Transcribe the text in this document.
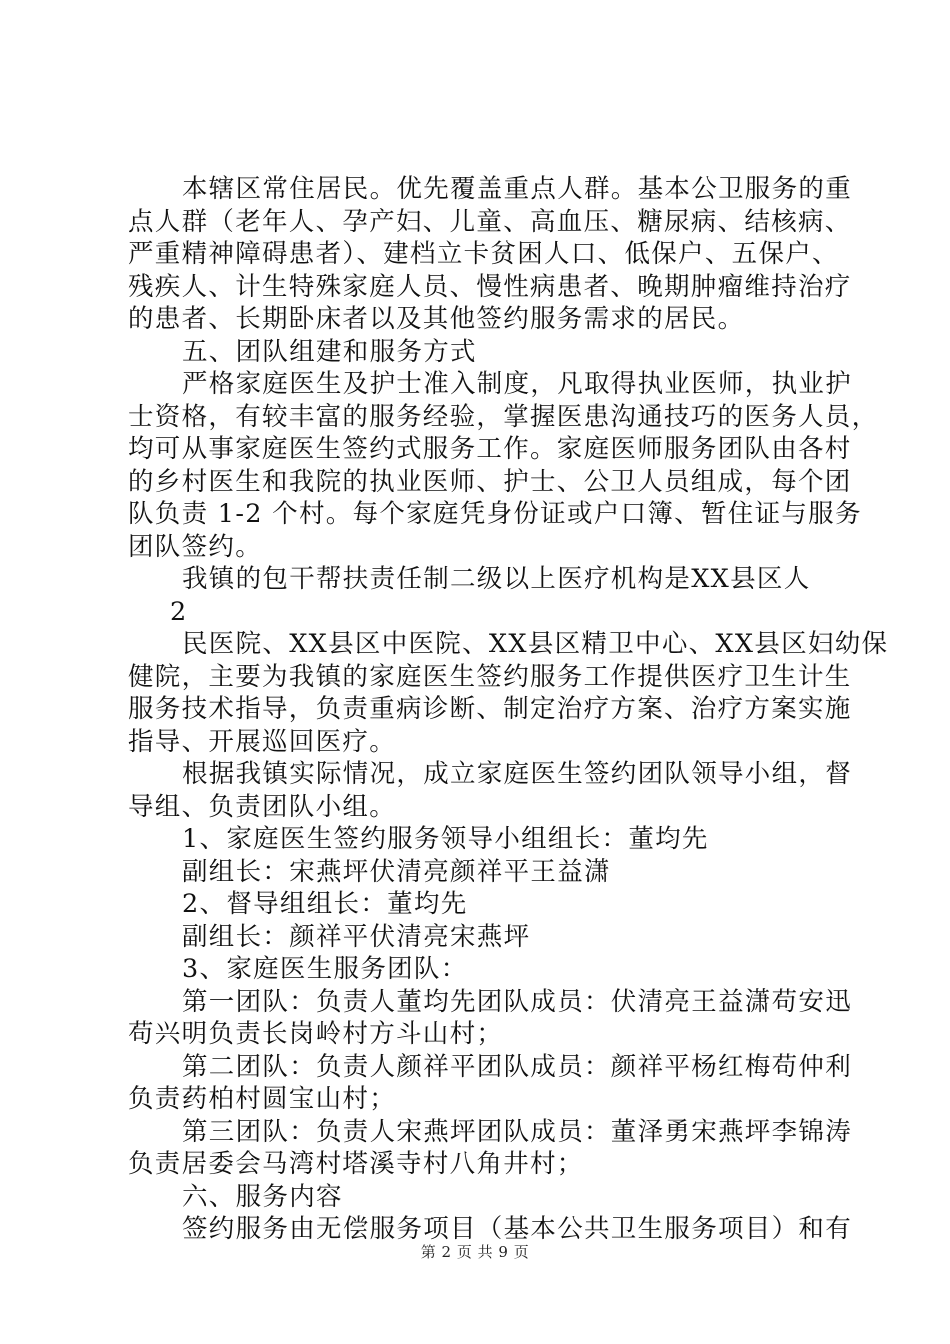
本辖区常住居民。优先覆盖重点人群。基本公卫服务的重
点人群（老年人、孕产妇、儿童、高血压、糖尿病、结核病、
严重精神障碍患者）、建档立卡贫困人口、低保户、五保户、
残疾人、计生特殊家庭人员、慢性病患者、晚期肿瘤维持治疗
的患者、长期卧床者以及其他签约服务需求的居民。
五、团队组建和服务方式
严格家庭医生及护士准入制度，凡取得执业医师，执业护
士资格，有较丰富的服务经验，掌握医患沟通技巧的医务人员，
均可从事家庭医生签约式服务工作。家庭医师服务团队由各村
的乡村医生和我院的执业医师、护士、公卫人员组成，每个团
队负责 1-2 个村。每个家庭凭身份证或户口簿、暂住证与服务
团队签约。
我镇的包干帮扶责任制二级以上医疗机构是XX县区人
2
民医院、XX县区中医院、XX县区精卫中心、XX县区妇幼保
健院，主要为我镇的家庭医生签约服务工作提供医疗卫生计生
服务技术指导，负责重病诊断、制定治疗方案、治疗方案实施
指导、开展巡回医疗。
根据我镇实际情况，成立家庭医生签约团队领导小组，督
导组、负责团队小组。
1、家庭医生签约服务领导小组组长：董均先
副组长：宋燕坪伏清亮颜祥平王益潇
2、督导组组长：董均先
副组长：颜祥平伏清亮宋燕坪
3、家庭医生服务团队：
第一团队：负责人董均先团队成员：伏清亮王益潇苟安迅
苟兴明负责长岗岭村方斗山村；
第二团队：负责人颜祥平团队成员：颜祥平杨红梅苟仲利
负责药柏村圆宝山村；
第三团队：负责人宋燕坪团队成员：董泽勇宋燕坪李锦涛
负责居委会马湾村塔溪寺村八角井村；
六、服务内容
签约服务由无偿服务项目（基本公共卫生服务项目）和有
第 2 页 共 9 页
